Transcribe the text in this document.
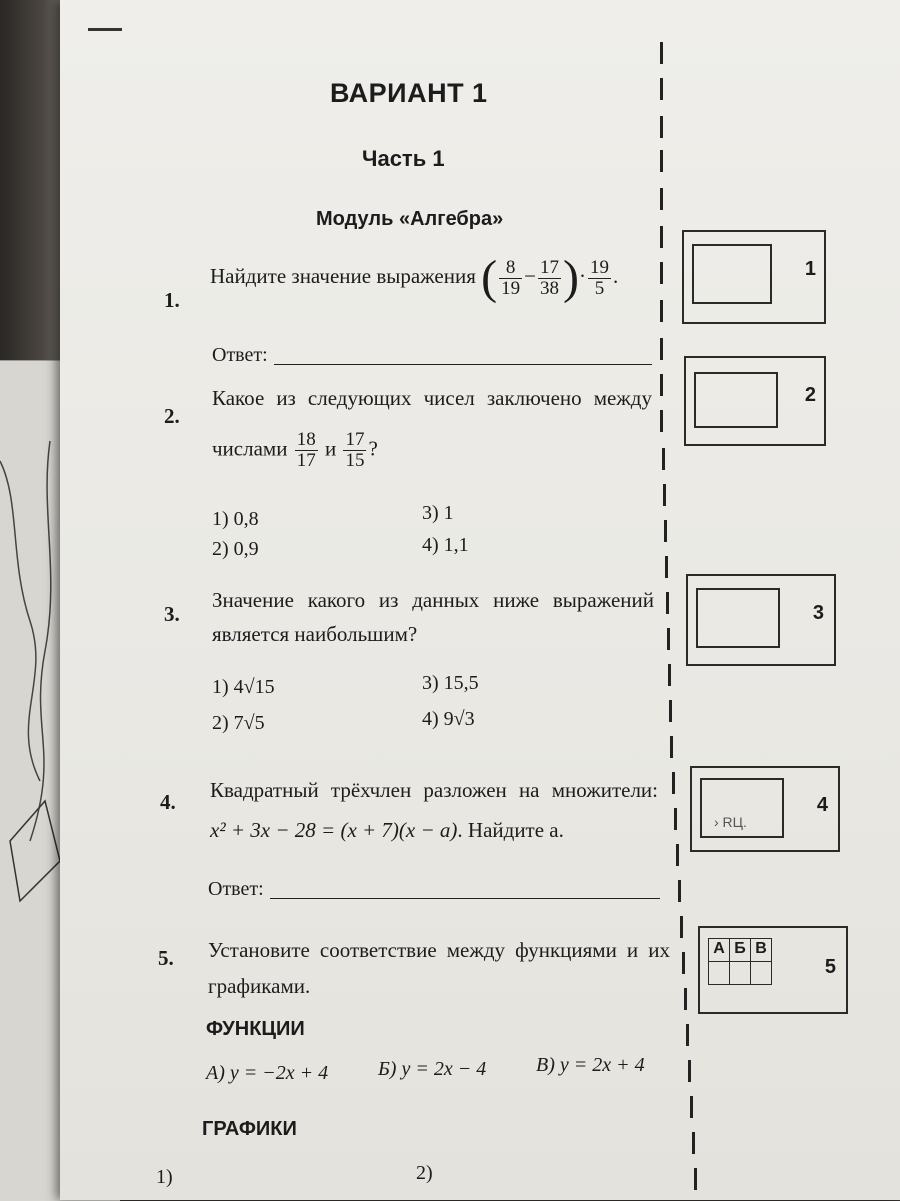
ВАРИАНТ 1
Часть 1
Модуль «Алгебра»
1.
Найдите значение выражения ( $\frac{8}{19} - \frac{17}{38}$ )· $\frac{19}{5}$ .
Ответ:
2.
Какое из следующих чисел заключено между
числами $\frac{18}{17}$ и $\frac{17}{15}$ ?
1) 0,8
2) 0,9
3) 1
4) 1,1
3.
Значение какого из данных ниже выражений
является наибольшим?
1) 4√15
2) 7√5
3) 15,5
4) 9√3
4. Квадратный трёхчлен разложен на множители:
x² + 3x − 28 = (x + 7)(x − a). Найдите a.
Ответ:
5. Установите соответствие между функциями и их
графиками.
ФУНКЦИИ
А) y = −2x + 4 Б) y = 2x − 4 В) y = 2x + 4
ГРАФИКИ
1)	2)
1
2
3
› RЦ.
4
А Б В
5
